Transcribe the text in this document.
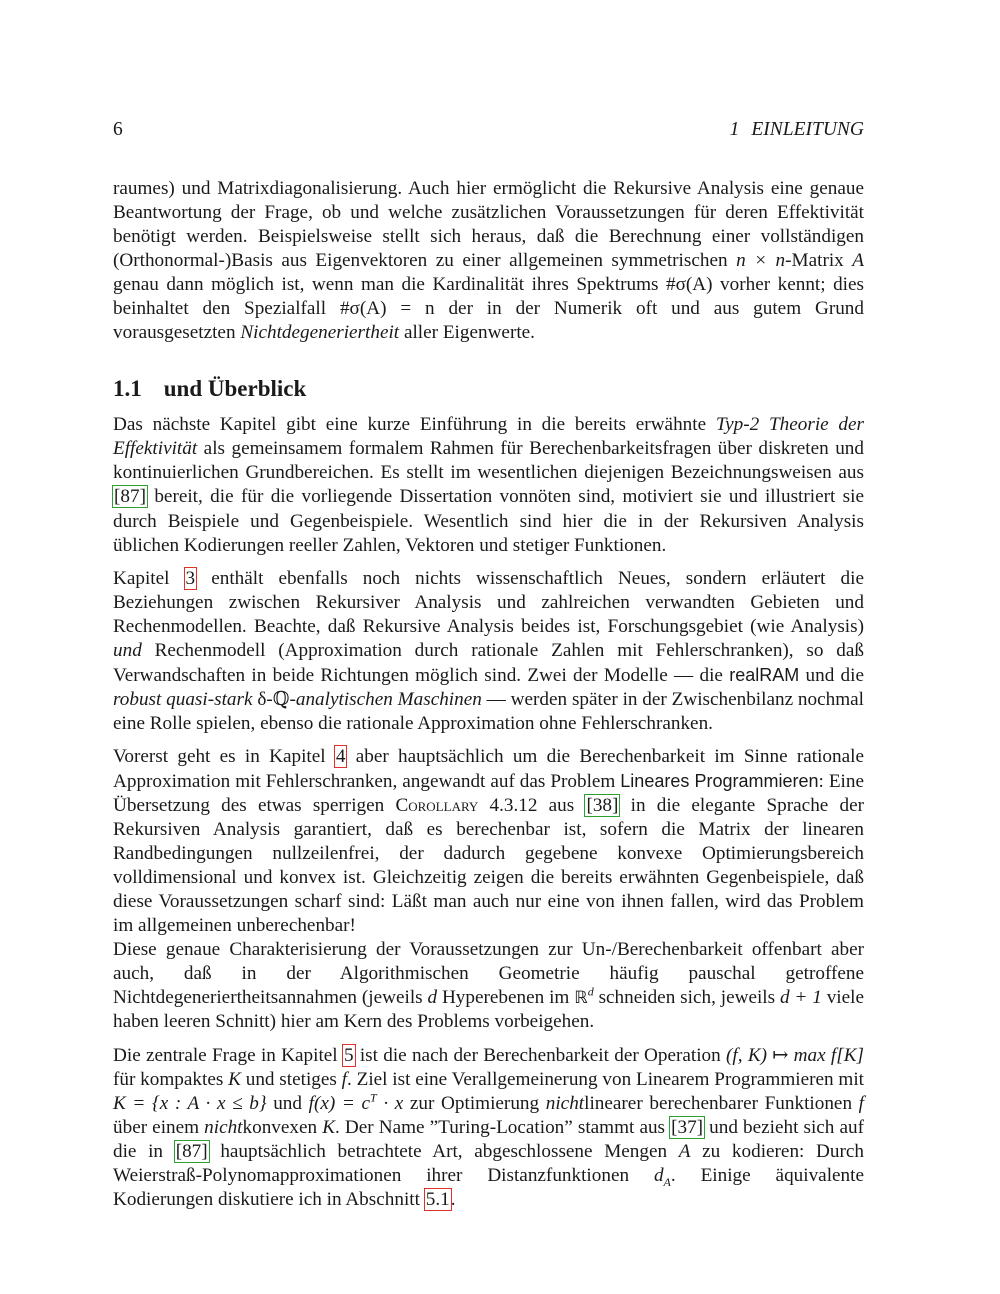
6	1 EINLEITUNG

raumes) und Matrixdiagonalisierung. Auch hier ermöglicht die Rekursive Analysis eine genaue Beantwortung der Frage, ob und welche zusätzlichen Voraussetzungen für deren Effektivität benötigt werden. Beispielsweise stellt sich heraus, daß die Berechnung einer vollständigen (Orthonormal-)Basis aus Eigenvektoren zu einer allgemeinen symmetrischen n × n-Matrix A genau dann möglich ist, wenn man die Kardinalität ihres Spektrums #σ(A) vorher kennt; dies beinhaltet den Spezialfall #σ(A) = n der in der Numerik oft und aus gutem Grund vorausgesetzten Nichtdegeneriertheit aller Eigenwerte.

1.1 und Überblick

Das nächste Kapitel gibt eine kurze Einführung in die bereits erwähnte Typ-2 Theorie der Effektivität als gemeinsamem formalem Rahmen für Berechenbarkeitsfragen über diskreten und kontinuierlichen Grundbereichen. Es stellt im wesentlichen diejenigen Bezeichnungsweisen aus [87] bereit, die für die vorliegende Dissertation vonnöten sind, motiviert sie und illustriert sie durch Beispiele und Gegenbeispiele. Wesentlich sind hier die in der Rekursiven Analysis üblichen Kodierungen reeller Zahlen, Vektoren und stetiger Funktionen.

Kapitel 3 enthält ebenfalls noch nichts wissenschaftlich Neues, sondern erläutert die Beziehungen zwischen Rekursiver Analysis und zahlreichen verwandten Gebieten und Rechenmodellen. Beachte, daß Rekursive Analysis beides ist, Forschungsgebiet (wie Analysis) und Rechenmodell (Approximation durch rationale Zahlen mit Fehlerschranken), so daß Verwandschaften in beide Richtungen möglich sind. Zwei der Modelle — die realRAM und die robust quasi-stark δ-ℚ-analytischen Maschinen — werden später in der Zwischenbilanz nochmal eine Rolle spielen, ebenso die rationale Approximation ohne Fehlerschranken.

Vorerst geht es in Kapitel 4 aber hauptsächlich um die Berechenbarkeit im Sinne rationale Approximation mit Fehlerschranken, angewandt auf das Problem Lineares Programmieren: Eine Übersetzung des etwas sperrigen Corollary 4.3.12 aus [38] in die elegante Sprache der Rekursiven Analysis garantiert, daß es berechenbar ist, sofern die Matrix der linearen Randbedingungen nullzeilenfrei, der dadurch gegebene konvexe Optimierungsbereich volldimensional und konvex ist. Gleichzeitig zeigen die bereits erwähnten Gegenbeispiele, daß diese Voraussetzungen scharf sind: Läßt man auch nur eine von ihnen fallen, wird das Problem im allgemeinen unberechenbar!

Diese genaue Charakterisierung der Voraussetzungen zur Un-/Berechenbarkeit offenbart aber auch, daß in der Algorithmischen Geometrie häufig pauschal getroffene Nichtdegeneriertheitsannahmen (jeweils d Hyperebenen im ℝ$^d$ schneiden sich, jeweils d + 1 viele haben leeren Schnitt) hier am Kern des Problems vorbeigehen.

Die zentrale Frage in Kapitel 5 ist die nach der Berechenbarkeit der Operation (f, K) ↦ max f[K] für kompaktes K und stetiges f. Ziel ist eine Verallgemeinerung von Linearem Programmieren mit K = {x : A · x ≤ b} und $f(x) = c^T \cdot x$ zur Optimierung nichtlinearer berechenbarer Funktionen f über einem nichtkonvexen K. Der Name ”Turing-Location” stammt aus [37] und bezieht sich auf die in [87] hauptsächlich betrachtete Art, abgeschlossene Mengen A zu kodieren: Durch Weierstraß-Polynomapproximationen ihrer Distanzfunktionen $d_A$. Einige äquivalente Kodierungen diskutiere ich in Abschnitt 5.1.
